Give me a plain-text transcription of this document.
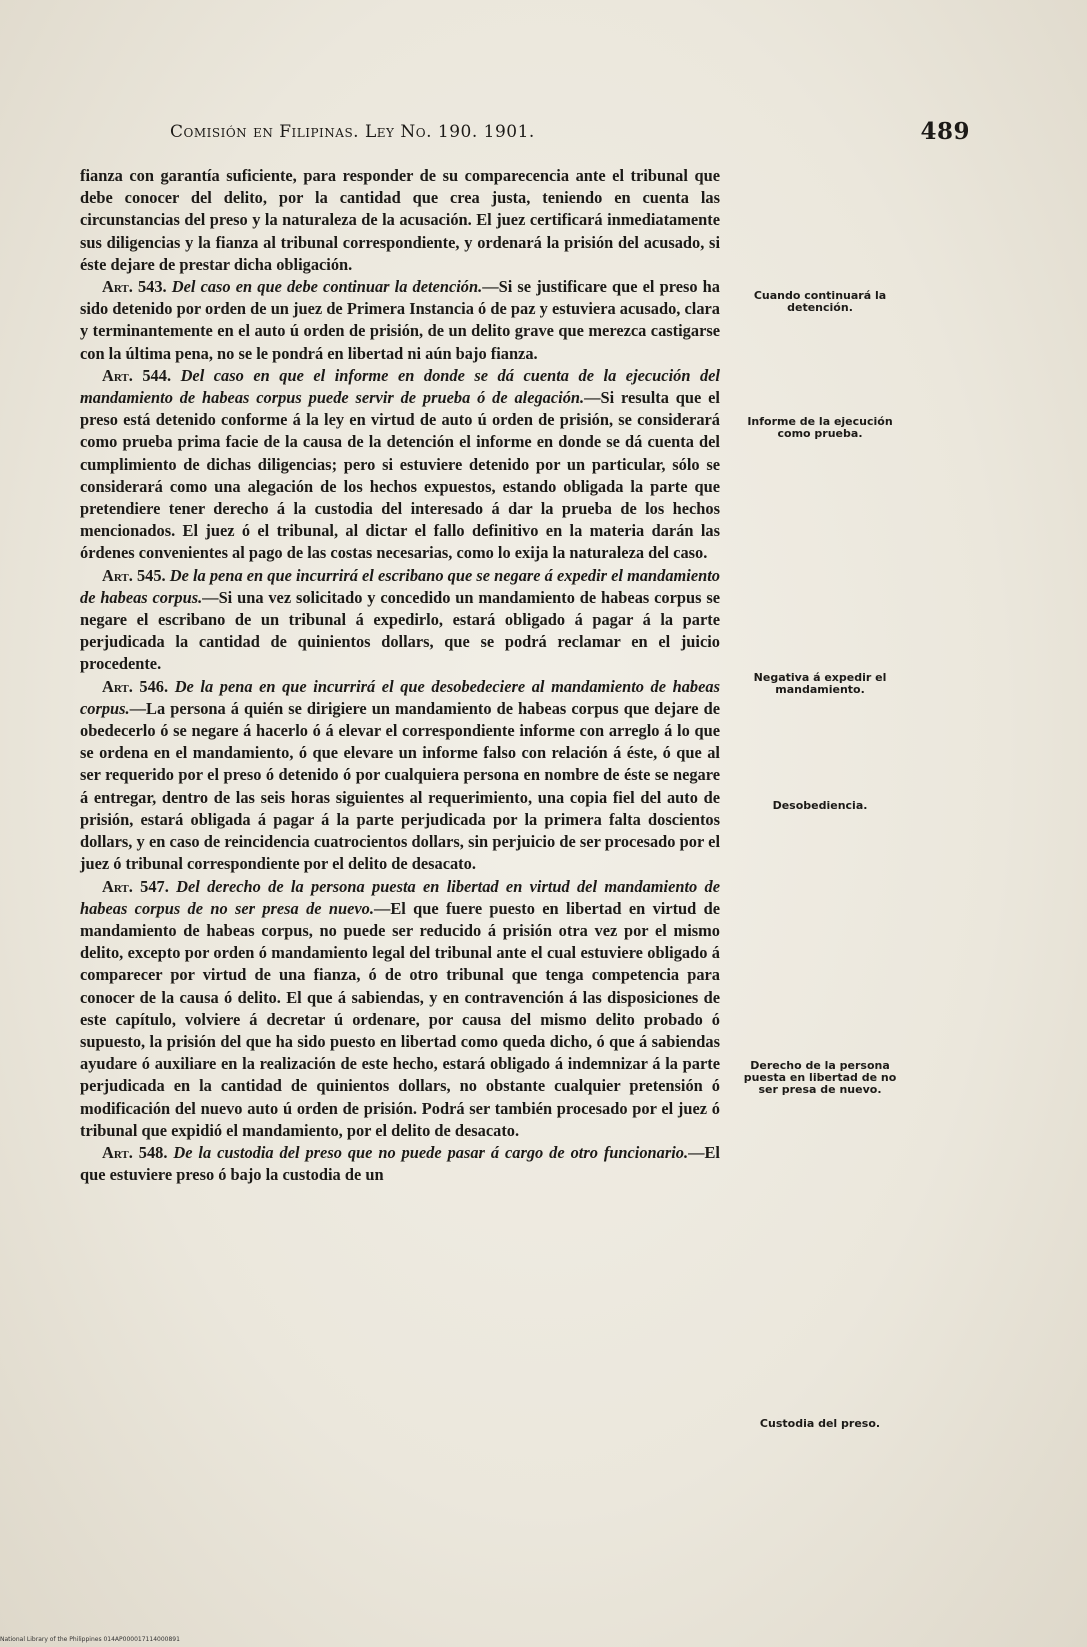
Comisión en Filipinas. Ley No. 190. 1901.	489

fianza con garantía suficiente, para responder de su comparecencia ante el tribunal que debe conocer del delito, por la cantidad que crea justa, teniendo en cuenta las circunstancias del preso y la naturaleza de la acusación. El juez certificará inmediatamente sus diligencias y la fianza al tribunal correspondiente, y ordenará la prisión del acusado, si éste dejare de prestar dicha obligación.

Art. 543. Del caso en que debe continuar la detención.—Si se justificare que el preso ha sido detenido por orden de un juez de Primera Instancia ó de paz y estuviera acusado, clara y terminantemente en el auto ú orden de prisión, de un delito grave que merezca castigarse con la última pena, no se le pondrá en libertad ni aún bajo fianza.

Art. 544. Del caso en que el informe en donde se dá cuenta de la ejecución del mandamiento de habeas corpus puede servir de prueba ó de alegación.—Si resulta que el preso está detenido conforme á la ley en virtud de auto ú orden de prisión, se considerará como prueba prima facie de la causa de la detención el informe en donde se dá cuenta del cumplimiento de dichas diligencias; pero si estuviere detenido por un particular, sólo se considerará como una alegación de los hechos expuestos, estando obligada la parte que pretendiere tener derecho á la custodia del interesado á dar la prueba de los hechos mencionados. El juez ó el tribunal, al dictar el fallo definitivo en la materia darán las órdenes convenientes al pago de las costas necesarias, como lo exija la naturaleza del caso.

Art. 545. De la pena en que incurrirá el escribano que se negare á expedir el mandamiento de habeas corpus.—Si una vez solicitado y concedido un mandamiento de habeas corpus se negare el escribano de un tribunal á expedirlo, estará obligado á pagar á la parte perjudicada la cantidad de quinientos dollars, que se podrá reclamar en el juicio procedente.

Art. 546. De la pena en que incurrirá el que desobedeciere al mandamiento de habeas corpus.—La persona á quién se dirigiere un mandamiento de habeas corpus que dejare de obedecerlo ó se negare á hacerlo ó á elevar el correspondiente informe con arreglo á lo que se ordena en el mandamiento, ó que elevare un informe falso con relación á éste, ó que al ser requerido por el preso ó detenido ó por cualquiera persona en nombre de éste se negare á entregar, dentro de las seis horas siguientes al requerimiento, una copia fiel del auto de prisión, estará obligada á pagar á la parte perjudicada por la primera falta doscientos dollars, y en caso de reincidencia cuatrocientos dollars, sin perjuicio de ser procesado por el juez ó tribunal correspondiente por el delito de desacato.

Art. 547. Del derecho de la persona puesta en libertad en virtud del mandamiento de habeas corpus de no ser presa de nuevo.—El que fuere puesto en libertad en virtud de mandamiento de habeas corpus, no puede ser reducido á prisión otra vez por el mismo delito, excepto por orden ó mandamiento legal del tribunal ante el cual estuviere obligado á comparecer por virtud de una fianza, ó de otro tribunal que tenga competencia para conocer de la causa ó delito. El que á sabiendas, y en contravención á las disposiciones de este capítulo, volviere á decretar ú ordenare, por causa del mismo delito probado ó supuesto, la prisión del que ha sido puesto en libertad como queda dicho, ó que á sabiendas ayudare ó auxiliare en la realización de este hecho, estará obligado á indemnizar á la parte perjudicada en la cantidad de quinientos dollars, no obstante cualquier pretensión ó modificación del nuevo auto ú orden de prisión. Podrá ser también procesado por el juez ó tribunal que expidió el mandamiento, por el delito de desacato.

Art. 548. De la custodia del preso que no puede pasar á cargo de otro funcionario.—El que estuviere preso ó bajo la custodia de un

Cuando continuará la detención.
Informe de la ejecución como prueba.
Negativa á expedir el mandamiento.
Desobediencia.
Derecho de la persona puesta en libertad de no ser presa de nuevo.
Custodia del preso.
National Library of the Philippines 014AP000017114000891
